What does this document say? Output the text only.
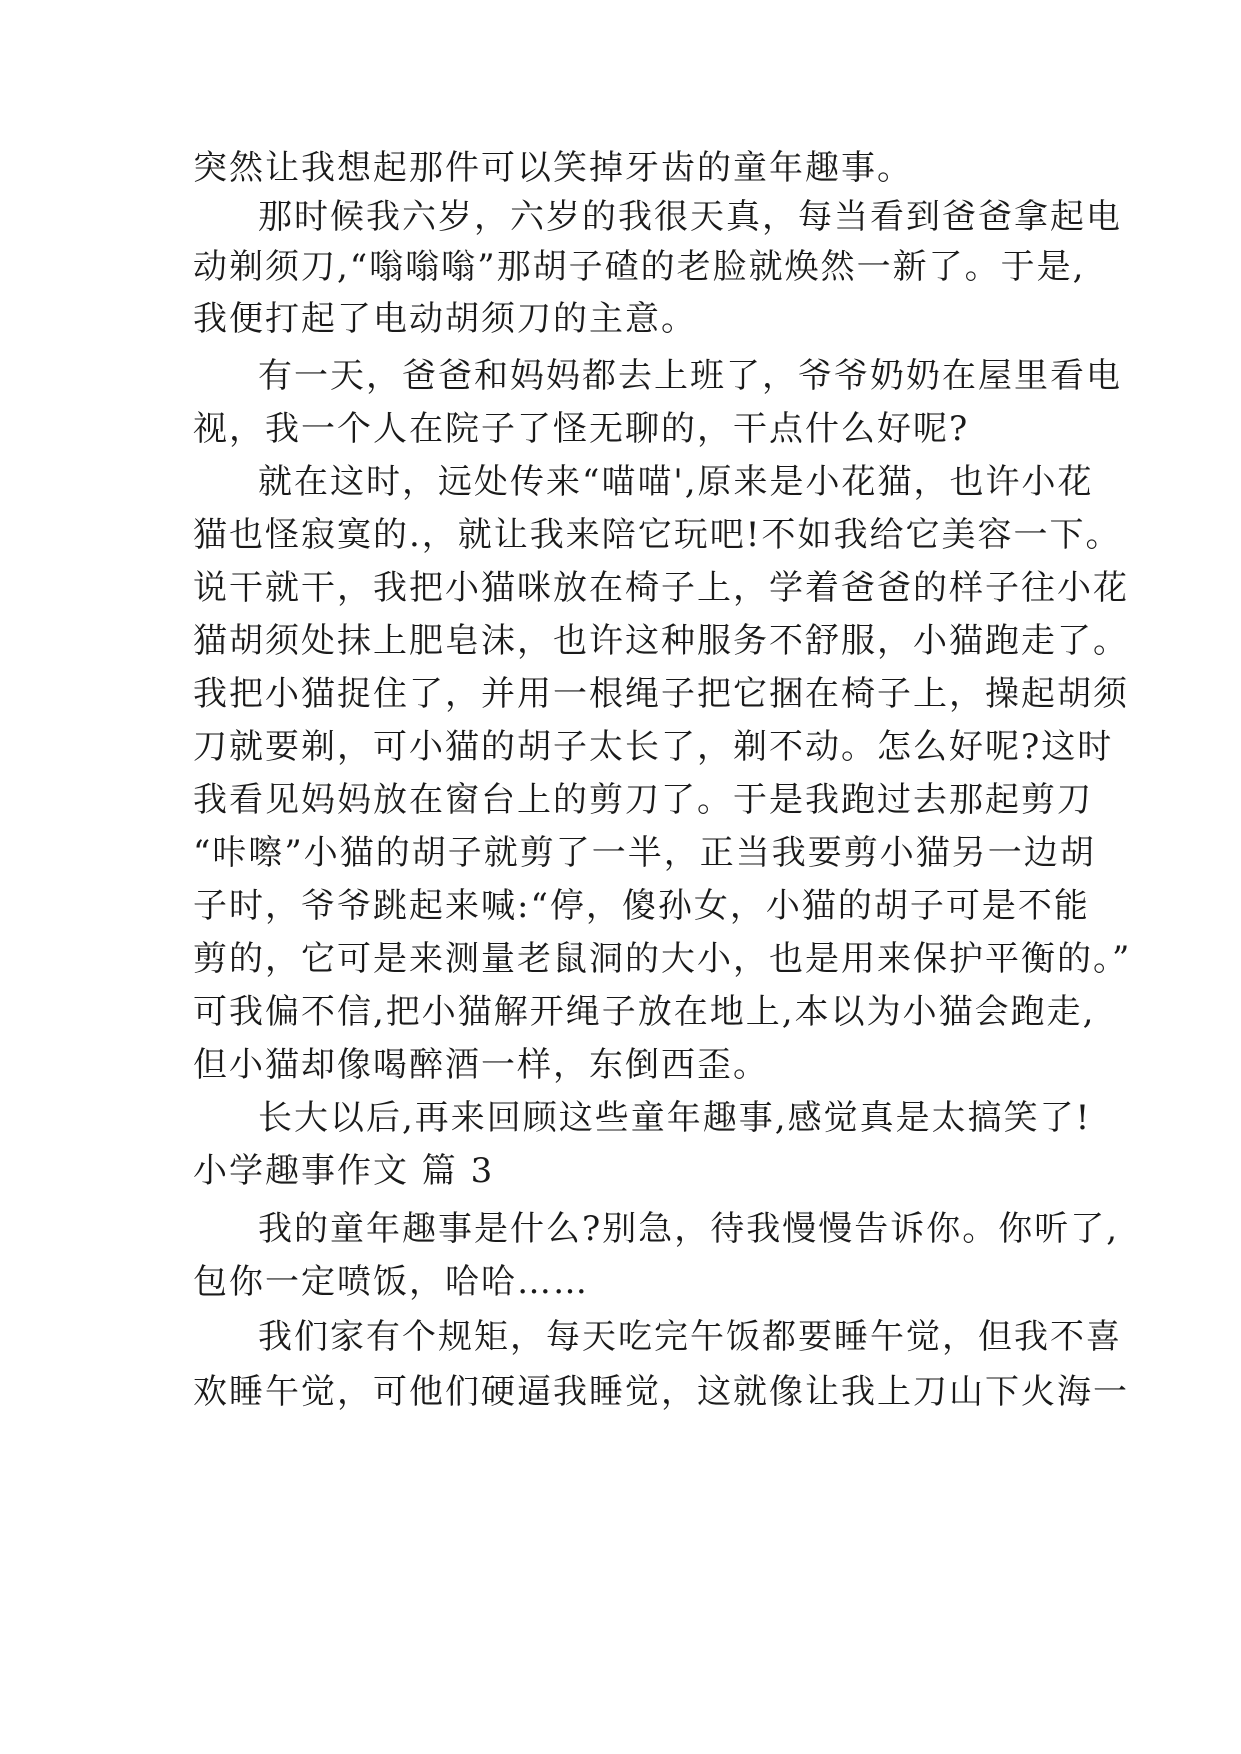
突然让我想起那件可以笑掉牙齿的童年趣事。
那时候我六岁，六岁的我很天真，每当看到爸爸拿起电
动剃须刀,“嗡嗡嗡”那胡子碴的老脸就焕然一新了。于是,
我便打起了电动胡须刀的主意。
有一天，爸爸和妈妈都去上班了，爷爷奶奶在屋里看电
视，我一个人在院子了怪无聊的，干点什么好呢?
就在这时，远处传来“喵喵',原来是小花猫，也许小花
猫也怪寂寞的.，就让我来陪它玩吧!不如我给它美容一下。
说干就干，我把小猫咪放在椅子上，学着爸爸的样子往小花
猫胡须处抹上肥皂沫，也许这种服务不舒服，小猫跑走了。
我把小猫捉住了，并用一根绳子把它捆在椅子上，操起胡须
刀就要剃，可小猫的胡子太长了，剃不动。怎么好呢?这时
我看见妈妈放在窗台上的剪刀了。于是我跑过去那起剪刀
“咔嚓”小猫的胡子就剪了一半，正当我要剪小猫另一边胡
子时，爷爷跳起来喊:“停，傻孙女，小猫的胡子可是不能
剪的，它可是来测量老鼠洞的大小，也是用来保护平衡的。”
可我偏不信,把小猫解开绳子放在地上,本以为小猫会跑走,
但小猫却像喝醉酒一样，东倒西歪。
长大以后,再来回顾这些童年趣事,感觉真是太搞笑了!
小学趣事作文 篇 3
我的童年趣事是什么?别急，待我慢慢告诉你。你听了,
包你一定喷饭，哈哈……
我们家有个规矩，每天吃完午饭都要睡午觉，但我不喜
欢睡午觉，可他们硬逼我睡觉，这就像让我上刀山下火海一
